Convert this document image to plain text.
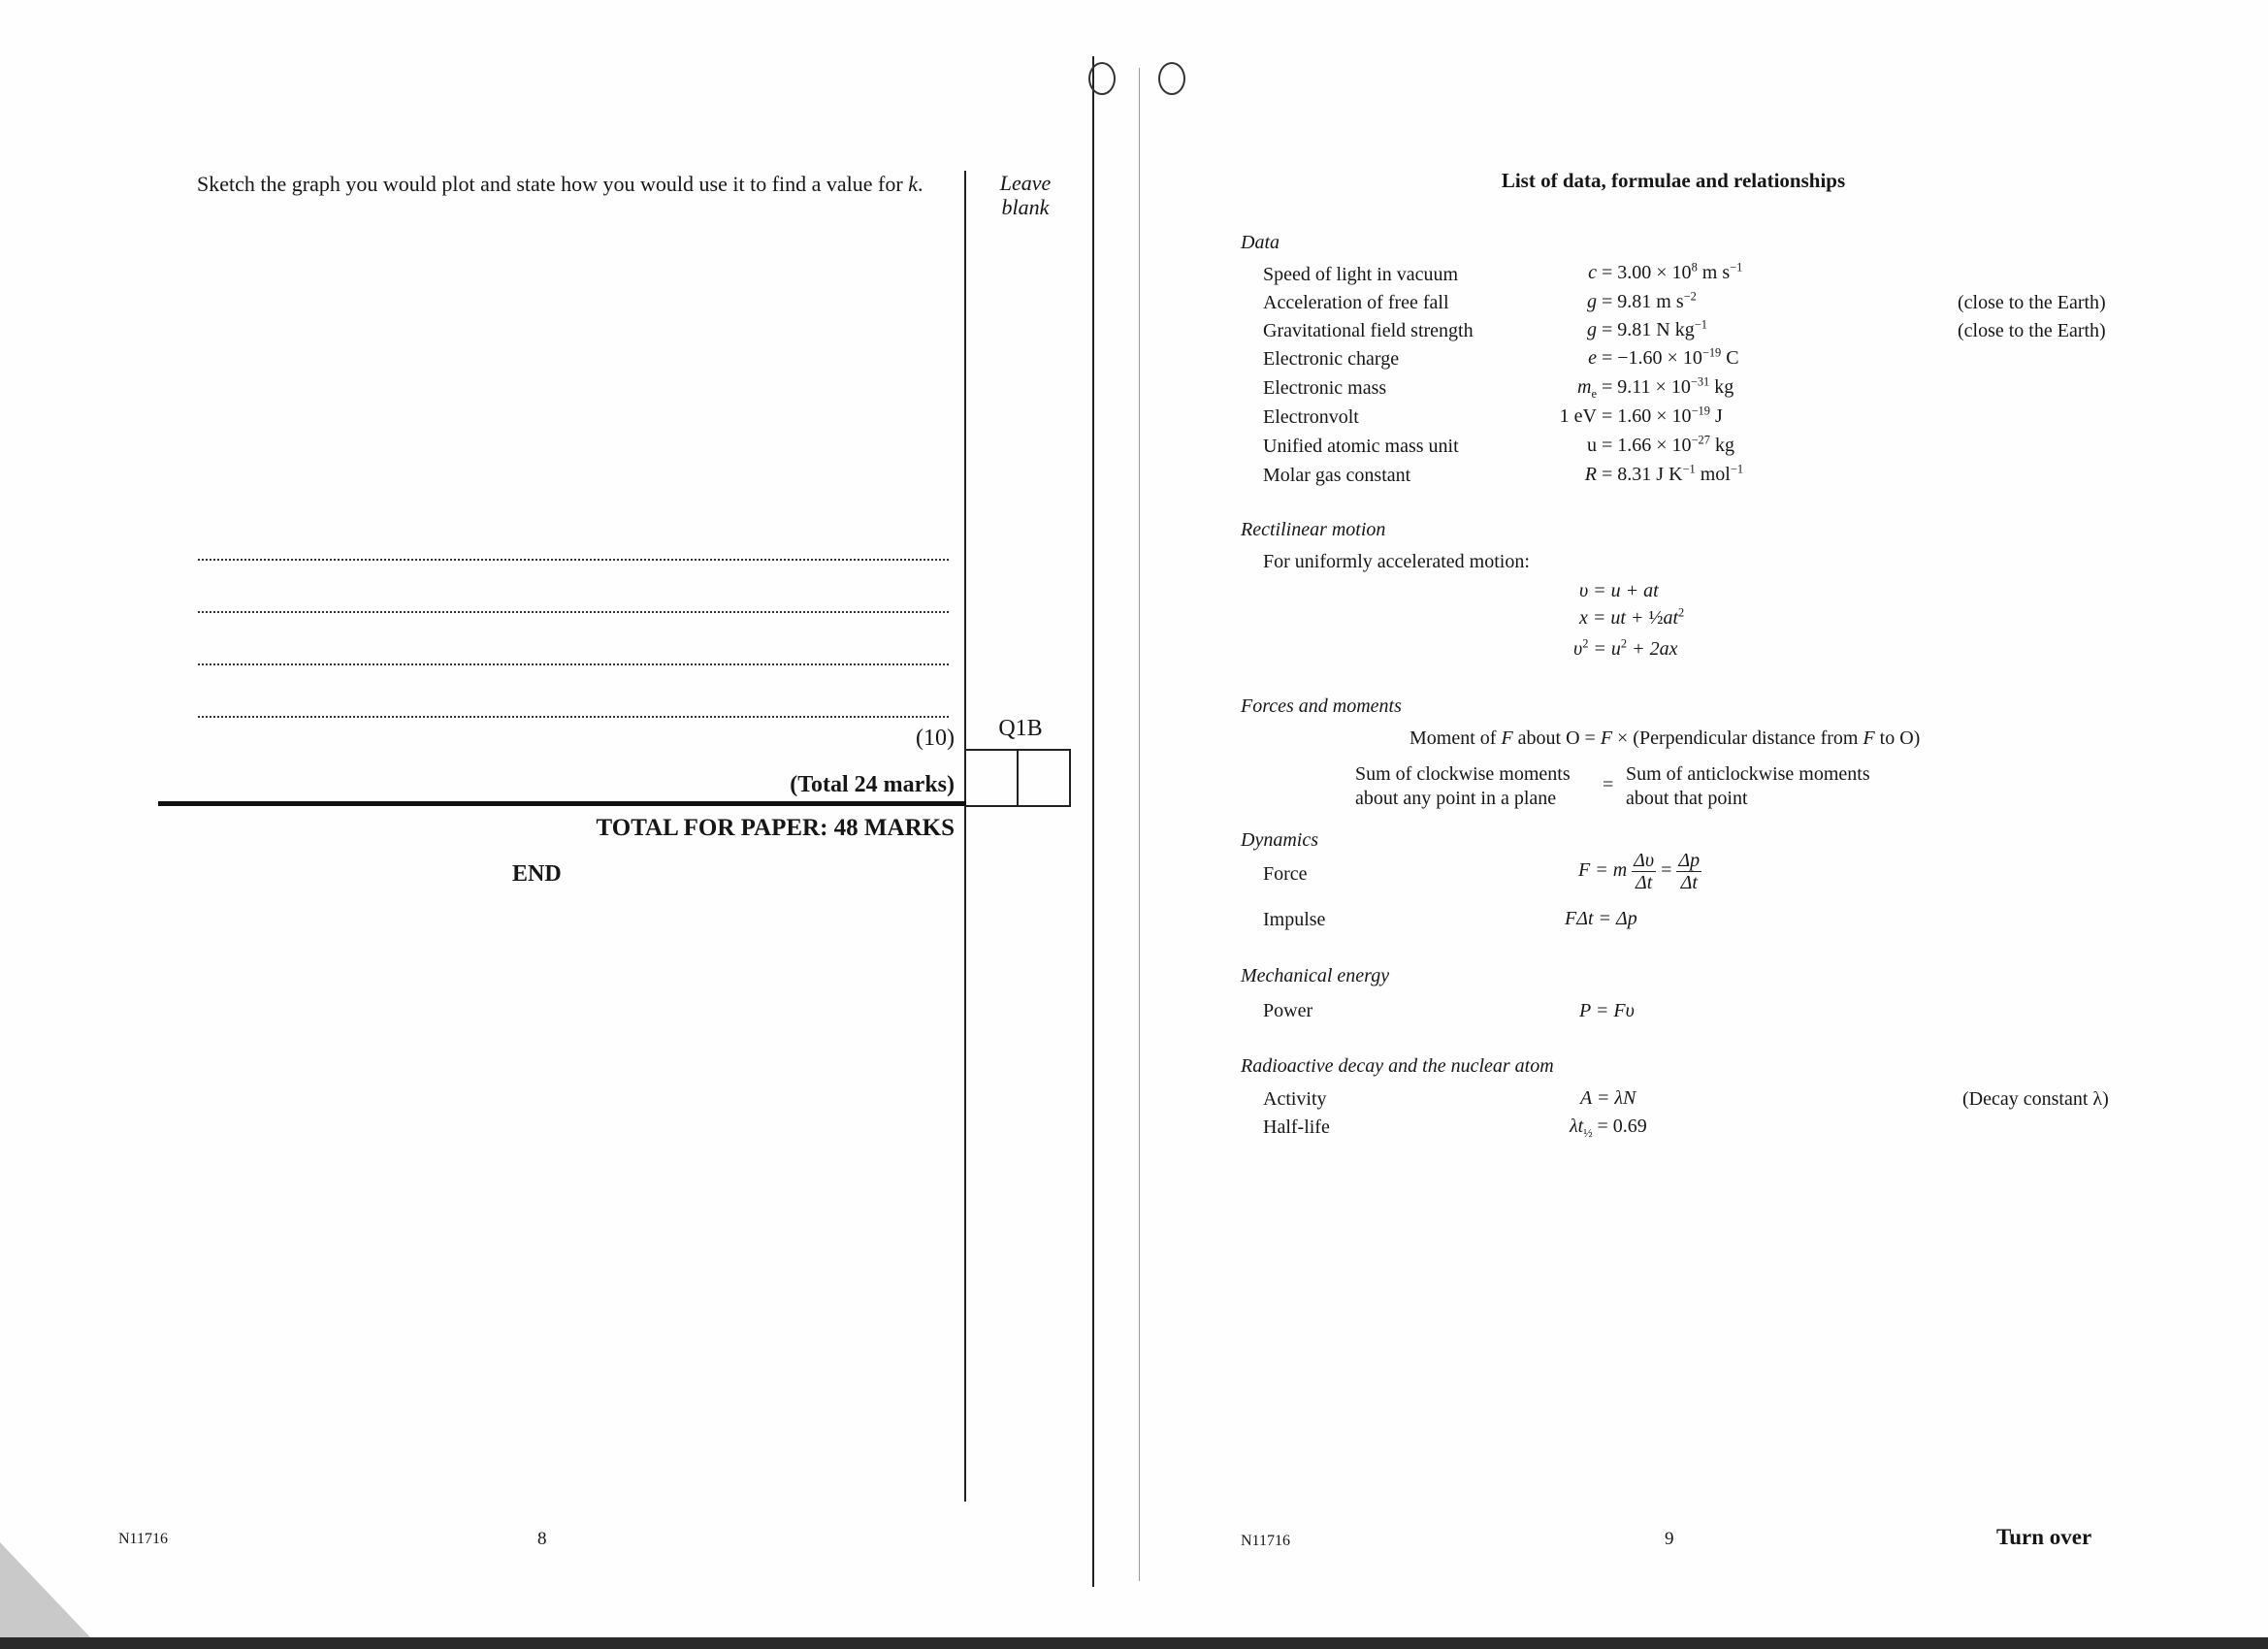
Sketch the graph you would plot and state how you would use it to find a value for k.	Leave
blank
(10)	Q1B
(Total 24 marks)
TOTAL FOR PAPER: 48 MARKS
END
N11716	8
List of data, formulae and relationships
Data
Speed of light in vacuum	$c = 3.00 \times 10^8$ m $s^{-1}$
Acceleration of free fall	g = 9.81 m $s^{-2}$	(close to the Earth)
Gravitational field strength	g = 9.81 N $kg^{-1}$	(close to the Earth)
Electronic charge	$e = -1.60 \times 10^{-19}$ C
Electronic mass	$m_e = 9.11 \times 10^{-31}$ kg
Electronvolt	1 eV = $1.60 \times 10^{-19}$ J
Unified atomic mass unit	$u = 1.66 \times 10^{-27}$ kg
Molar gas constant	R = 8.31 J $K^{-1}$ mol$^{-1}$
Rectilinear motion
For uniformly accelerated motion:
υ = u + at
x = ut + $\frac{1}{2}at^2$
$\upsilon^2 = u^2 + 2ax$
Forces and moments
Moment of F about O = F × (Perpendicular distance from F to O)
Sum of clockwise moments
about any point in a plane
= Sum of anticlockwise moments
about that point
Dynamics
Force	F = m $\frac{\Delta\upsilon}{\Delta t} = \frac{\Delta p}{\Delta t}$
Impulse	FΔt = Δp
Mechanical energy
Power	P = Fυ
Radioactive decay and the nuclear atom
Activity	A = λN	(Decay constant λ)
Half-life	$\lambda t_{\frac{1}{2}} = 0.69$
N11716	9	Turn over
